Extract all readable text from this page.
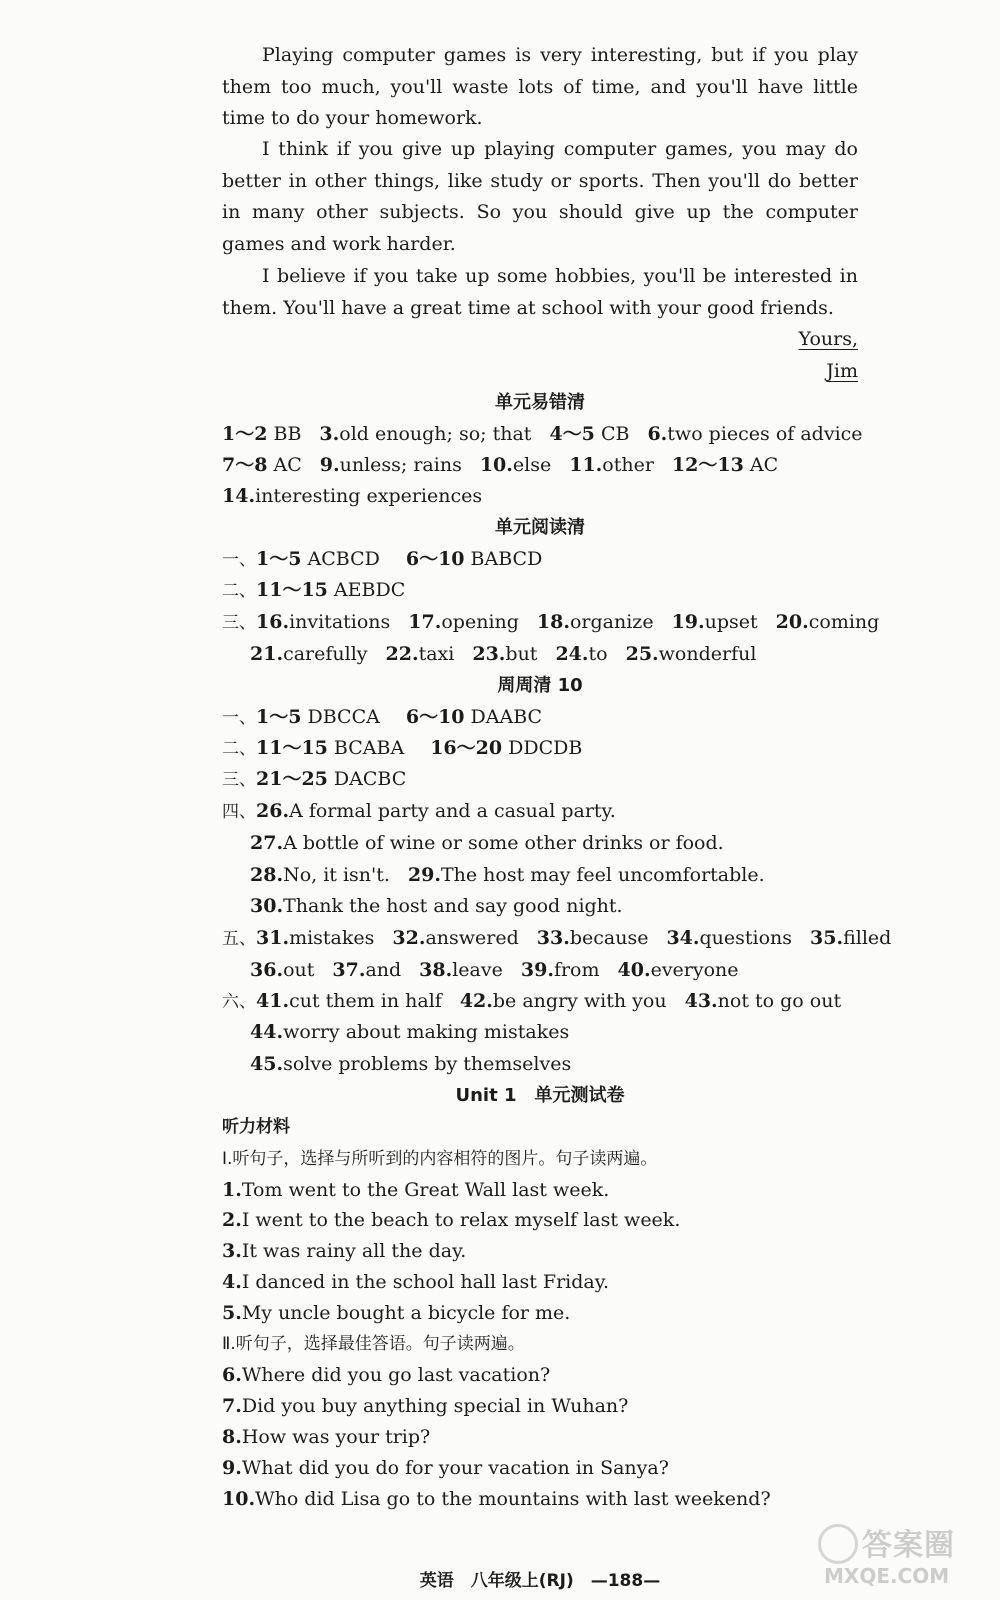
Playing computer games is very interesting, but if you play them too much, you'll waste lots of time, and you'll have little time to do your homework.
I think if you give up playing computer games, you may do better in other things, like study or sports. Then you'll do better in many other subjects. So you should give up the computer games and work harder.
I believe if you take up some hobbies, you'll be interested in them. You'll have a great time at school with your good friends.
Yours,
Jim
单元易错清
1～2 BB 3.old enough; so; that 4～5 CB 6.two pieces of advice
7～8 AC 9.unless; rains 10.else 11.other 12～13 AC
14.interesting experiences
单元阅读清
一、1～5 ACBCD 6～10 BABCD
二、11～15 AEBDC
三、16.invitations 17.opening 18.organize 19.upset 20.coming
21.carefully 22.taxi 23.but 24.to 25.wonderful
周周清 10
一、1～5 DBCCA 6～10 DAABC
二、11～15 BCABA 16～20 DDCDB
三、21～25 DACBC
四、26.A formal party and a casual party.
27.A bottle of wine or some other drinks or food.
28.No, it isn't. 29.The host may feel uncomfortable.
30.Thank the host and say good night.
五、31.mistakes 32.answered 33.because 34.questions 35.filled
36.out 37.and 38.leave 39.from 40.everyone
六、41.cut them in half 42.be angry with you 43.not to go out
44.worry about making mistakes
45.solve problems by themselves
Unit 1　单元测试卷
听力材料
Ⅰ.听句子，选择与所听到的内容相符的图片。句子读两遍。
1.Tom went to the Great Wall last week.
2.I went to the beach to relax myself last week.
3.It was rainy all the day.
4.I danced in the school hall last Friday.
5.My uncle bought a bicycle for me.
Ⅱ.听句子，选择最佳答语。句子读两遍。
6.Where did you go last vacation?
7.Did you buy anything special in Wuhan?
8.How was your trip?
9.What did you do for your vacation in Sanya?
10.Who did Lisa go to the mountains with last weekend?
英语　八年级上(RJ)　—188—
答案圈
MXQE.COM
